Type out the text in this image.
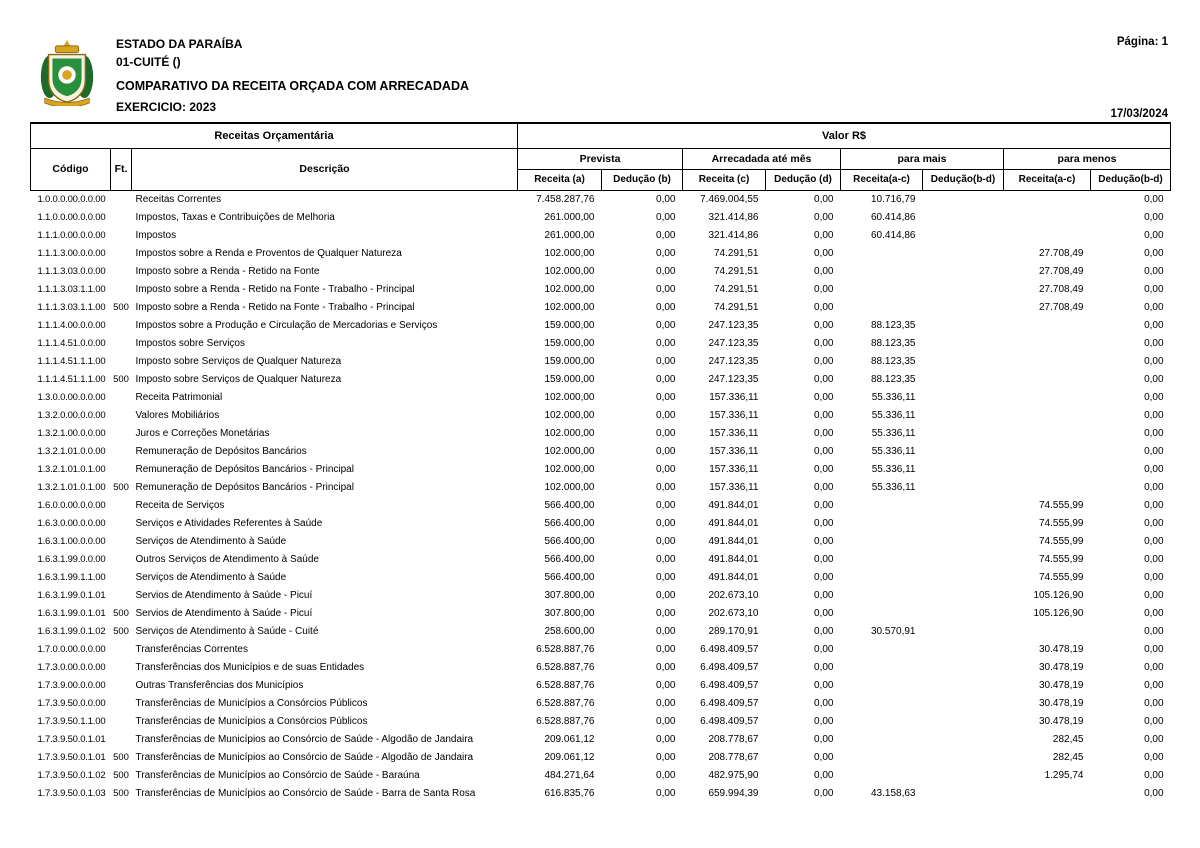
ESTADO DA PARAÍBA
01-CUITÉ ()
COMPARATIVO DA RECEITA ORÇADA COM ARRECADADA
EXERCICIO: 2023
Página: 1
17/03/2024
Receitas Orçamentária			Valor R$							
Código	Ft.	Descrição	Prevista		Arrecadada até mês		para mais		para menos	
			Receita (a)	Dedução (b)	Receita (c)	Dedução (d)	Receita(a-c)	Dedução(b-d)	Receita(a-c)	Dedução(b-d)
1.0.0.0.00.0.0.00		Receitas Correntes	7.458.287,76	0,00	7.469.004,55	0,00	10.716,79			0,00
1.1.0.0.00.0.0.00		Impostos, Taxas e Contribuições de Melhoria	261.000,00	0,00	321.414,86	0,00	60.414,86			0,00
1.1.1.0.00.0.0.00		Impostos	261.000,00	0,00	321.414,86	0,00	60.414,86			0,00
1.1.1.3.00.0.0.00		Impostos sobre a Renda e Proventos de Qualquer Natureza	102.000,00	0,00	74.291,51	0,00			27.708,49	0,00
1.1.1.3.03.0.0.00		Imposto sobre a Renda - Retido na Fonte	102.000,00	0,00	74.291,51	0,00			27.708,49	0,00
1.1.1.3.03.1.1.00		Imposto sobre a Renda - Retido na Fonte - Trabalho - Principal	102.000,00	0,00	74.291,51	0,00			27.708,49	0,00
1.1.1.3.03.1.1.00	500	Imposto sobre a Renda - Retido na Fonte - Trabalho - Principal	102.000,00	0,00	74.291,51	0,00			27.708,49	0,00
1.1.1.4.00.0.0.00		Impostos sobre a Produção e Circulação de Mercadorias e Serviços	159.000,00	0,00	247.123,35	0,00	88.123,35			0,00
1.1.1.4.51.0.0.00		Impostos sobre Serviços	159.000,00	0,00	247.123,35	0,00	88.123,35			0,00
1.1.1.4.51.1.1.00		Imposto sobre Serviços de Qualquer Natureza	159.000,00	0,00	247.123,35	0,00	88.123,35			0,00
1.1.1.4.51.1.1.00	500	Imposto sobre Serviços de Qualquer Natureza	159.000,00	0,00	247.123,35	0,00	88.123,35			0,00
1.3.0.0.00.0.0.00		Receita Patrimonial	102.000,00	0,00	157.336,11	0,00	55.336,11			0,00
1.3.2.0.00.0.0.00		Valores Mobiliários	102.000,00	0,00	157.336,11	0,00	55.336,11			0,00
1.3.2.1.00.0.0.00		Juros e Correções Monetárias	102.000,00	0,00	157.336,11	0,00	55.336,11			0,00
1.3.2.1.01.0.0.00		Remuneração de Depósitos Bancários	102.000,00	0,00	157.336,11	0,00	55.336,11			0,00
1.3.2.1.01.0.1.00		Remuneração de Depósitos Bancários - Principal	102.000,00	0,00	157.336,11	0,00	55.336,11			0,00
1.3.2.1.01.0.1.00	500	Remuneração de Depósitos Bancários - Principal	102.000,00	0,00	157.336,11	0,00	55.336,11			0,00
1.6.0.0.00.0.0.00		Receita de Serviços	566.400,00	0,00	491.844,01	0,00			74.555,99	0,00
1.6.3.0.00.0.0.00		Serviços e Atividades Referentes à Saúde	566.400,00	0,00	491.844,01	0,00			74.555,99	0,00
1.6.3.1.00.0.0.00		Serviços de Atendimento à Saúde	566.400,00	0,00	491.844,01	0,00			74.555,99	0,00
1.6.3.1.99.0.0.00		Outros Serviços de Atendimento à Saúde	566.400,00	0,00	491.844,01	0,00			74.555,99	0,00
1.6.3.1.99.1.1.00		Serviços de Atendimento à Saúde	566.400,00	0,00	491.844,01	0,00			74.555,99	0,00
1.6.3.1.99.0.1.01		Servios de Atendimento à Saúde - Picuí	307.800,00	0,00	202.673,10	0,00			105.126,90	0,00
1.6.3.1.99.0.1.01	500	Servios de Atendimento à Saúde - Picuí	307.800,00	0,00	202.673,10	0,00			105.126,90	0,00
1.6.3.1.99.0.1.02	500	Serviços de Atendimento à Saúde - Cuité	258.600,00	0,00	289.170,91	0,00	30.570,91			0,00
1.7.0.0.00.0.0.00		Transferências Correntes	6.528.887,76	0,00	6.498.409,57	0,00			30.478,19	0,00
1.7.3.0.00.0.0.00		Transferências dos Municípios e de suas Entidades	6.528.887,76	0,00	6.498.409,57	0,00			30.478,19	0,00
1.7.3.9.00.0.0.00		Outras Transferências dos Municípios	6.528.887,76	0,00	6.498.409,57	0,00			30.478,19	0,00
1.7.3.9.50.0.0.00		Transferências de Municípios a Consórcios Públicos	6.528.887,76	0,00	6.498.409,57	0,00			30.478,19	0,00
1.7.3.9.50.1.1.00		Transferências de Municípios a Consórcios Públicos	6.528.887,76	0,00	6.498.409,57	0,00			30.478,19	0,00
1.7.3.9.50.0.1.01		Transferências de Municípios ao Consórcio de Saúde - Algodão de Jandaira	209.061,12	0,00	208.778,67	0,00			282,45	0,00
1.7.3.9.50.0.1.01	500	Transferências de Municípios ao Consórcio de Saúde - Algodão de Jandaira	209.061,12	0,00	208.778,67	0,00			282,45	0,00
1.7.3.9.50.0.1.02	500	Transferências de Municípios ao Consórcio de Saúde - Baraúna	484.271,64	0,00	482.975,90	0,00			1.295,74	0,00
1.7.3.9.50.0.1.03	500	Transferências de Municípios ao Consórcio de Saúde - Barra de Santa Rosa	616.835,76	0,00	659.994,39	0,00	43.158,63			0,00
